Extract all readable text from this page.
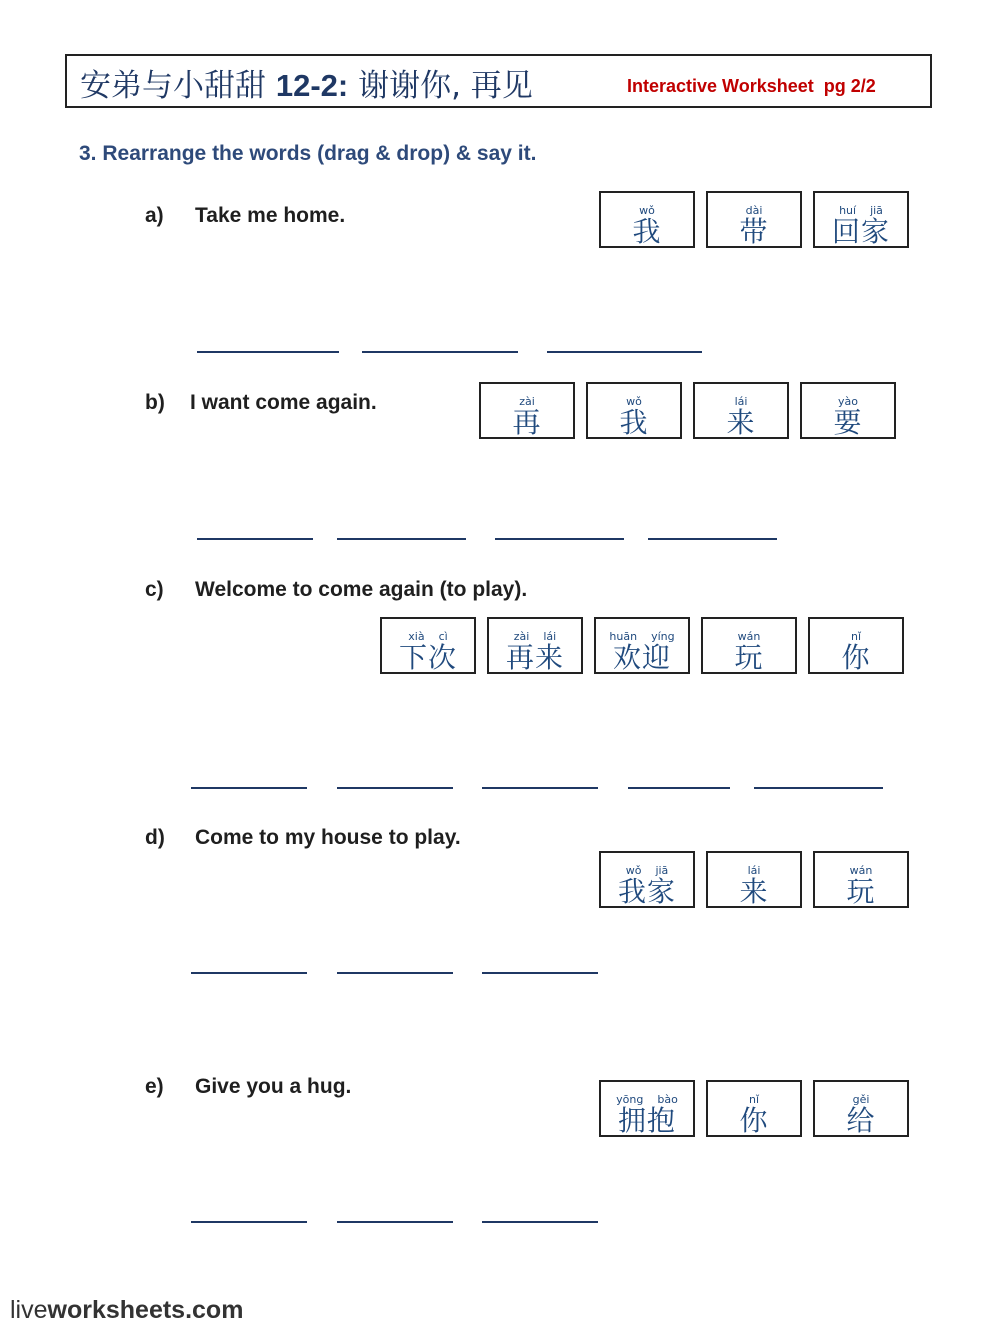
安弟与小甜甜 12-2: 谢谢你, 再见	Interactive Worksheet  pg 2/2
3. Rearrange the words (drag & drop) & say it.
a) Take me home.	wǒ
我
dài
带
huí jiā
回家
b) I want come again.	zài
再
wǒ
我
lái
来
yào
要
c) Welcome to come again (to play).
xià cì
下次
zài lái
再来
huān yíng
欢迎
wán
玩
nǐ
你
d) Come to my house to play.
wǒ jiā
我家
lái
来
wán
玩
e) Give you a hug.
yōng bào
拥抱
nǐ
你
gěi
给
liveworksheets.com
